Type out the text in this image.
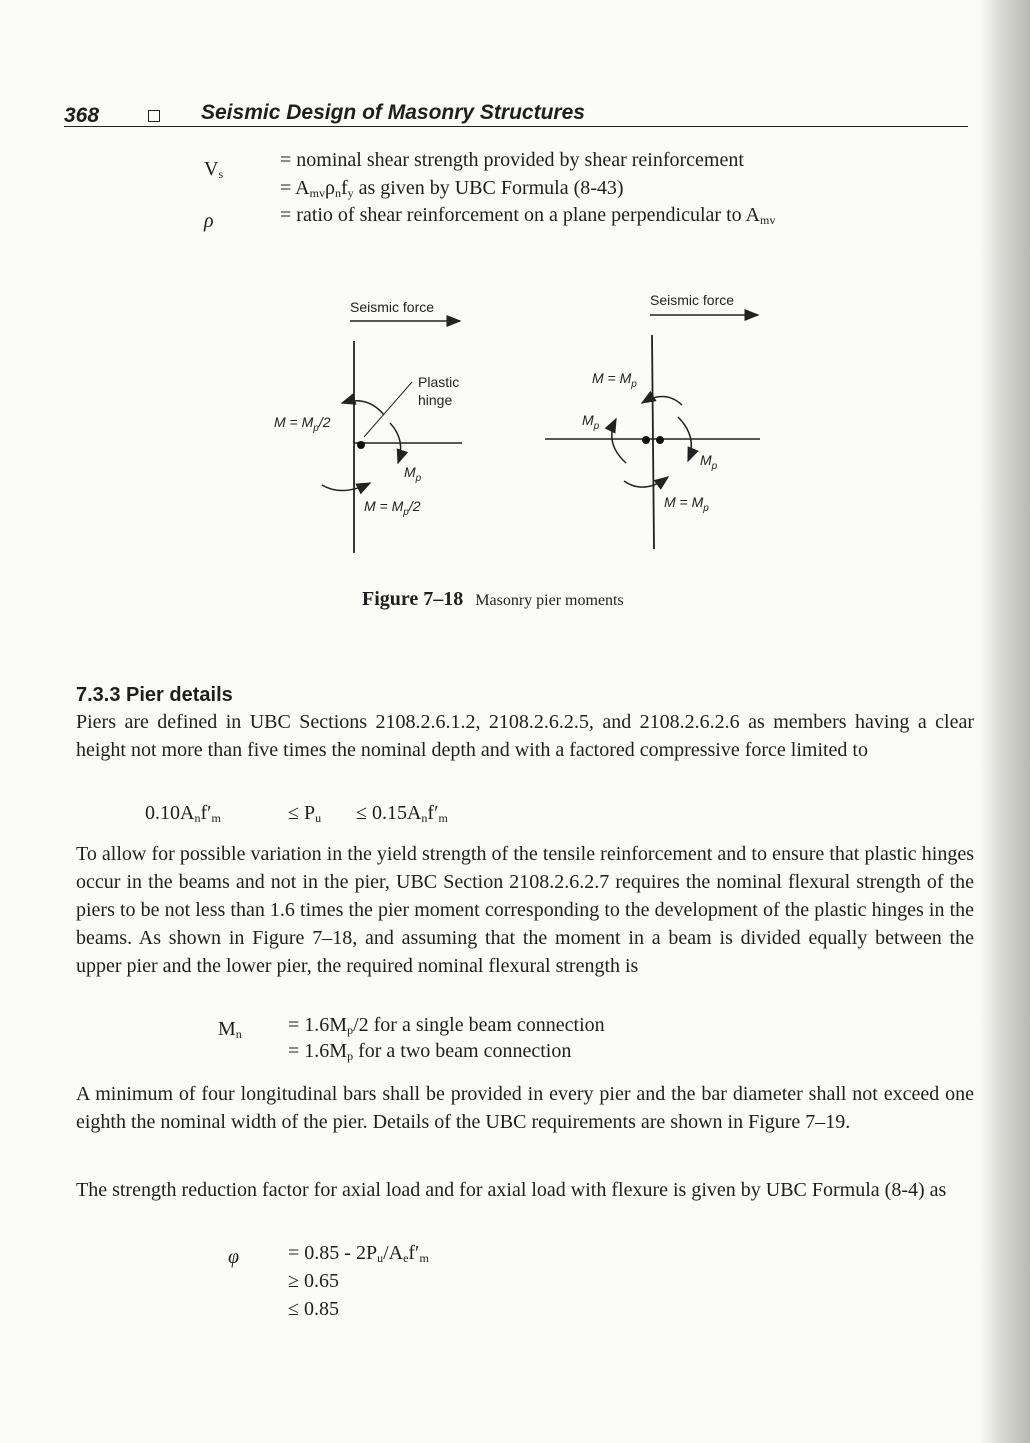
368	Seismic Design of Masonry Structures
$V_s$
= nominal shear strength provided by shear reinforcement
= $A_{mv}\rho_nf_y$ as given by UBC Formula (8-43)
ρ	= ratio of shear reinforcement on a plane perpendicular to $A_{mv}$
Seismic force
Plastic
hinge
$M = M_p/2$
$M_p$
$M = M_p/2$
Seismic force
$M = M_p$
$M_p$
$M_p$
$M = M_p$
Figure 7–18 Masonry pier moments
7.3.3 Pier details
Piers are defined in UBC Sections 2108.2.6.1.2, 2108.2.6.2.5, and 2108.2.6.2.6 as members having a clear height not more than five times the nominal depth and with a factored compressive force limited to
$0.10A_nf'_m$	≤ $P_u \le 0.15A_nf'_m$
To allow for possible variation in the yield strength of the tensile reinforcement and to ensure that plastic hinges occur in the beams and not in the pier, UBC Section 2108.2.6.2.7 requires the nominal flexural strength of the piers to be not less than 1.6 times the pier moment corresponding to the development of the plastic hinges in the beams. As shown in Figure 7–18, and assuming that the moment in a beam is divided equally between the upper pier and the lower pier, the required nominal flexural strength is
$M_n = 1.6M_p/2$ for a single beam connection
= $1.6M_p$ for a two beam connection
A minimum of four longitudinal bars shall be provided in every pier and the bar diameter shall not exceed one eighth the nominal width of the pier. Details of the UBC requirements are shown in Figure 7–19.
The strength reduction factor for axial load and for axial load with flexure is given by UBC Formula (8-4) as
$\varphi = 0.85 - 2P_u/A_ef'_m$
≥ 0.65
≤ 0.85
